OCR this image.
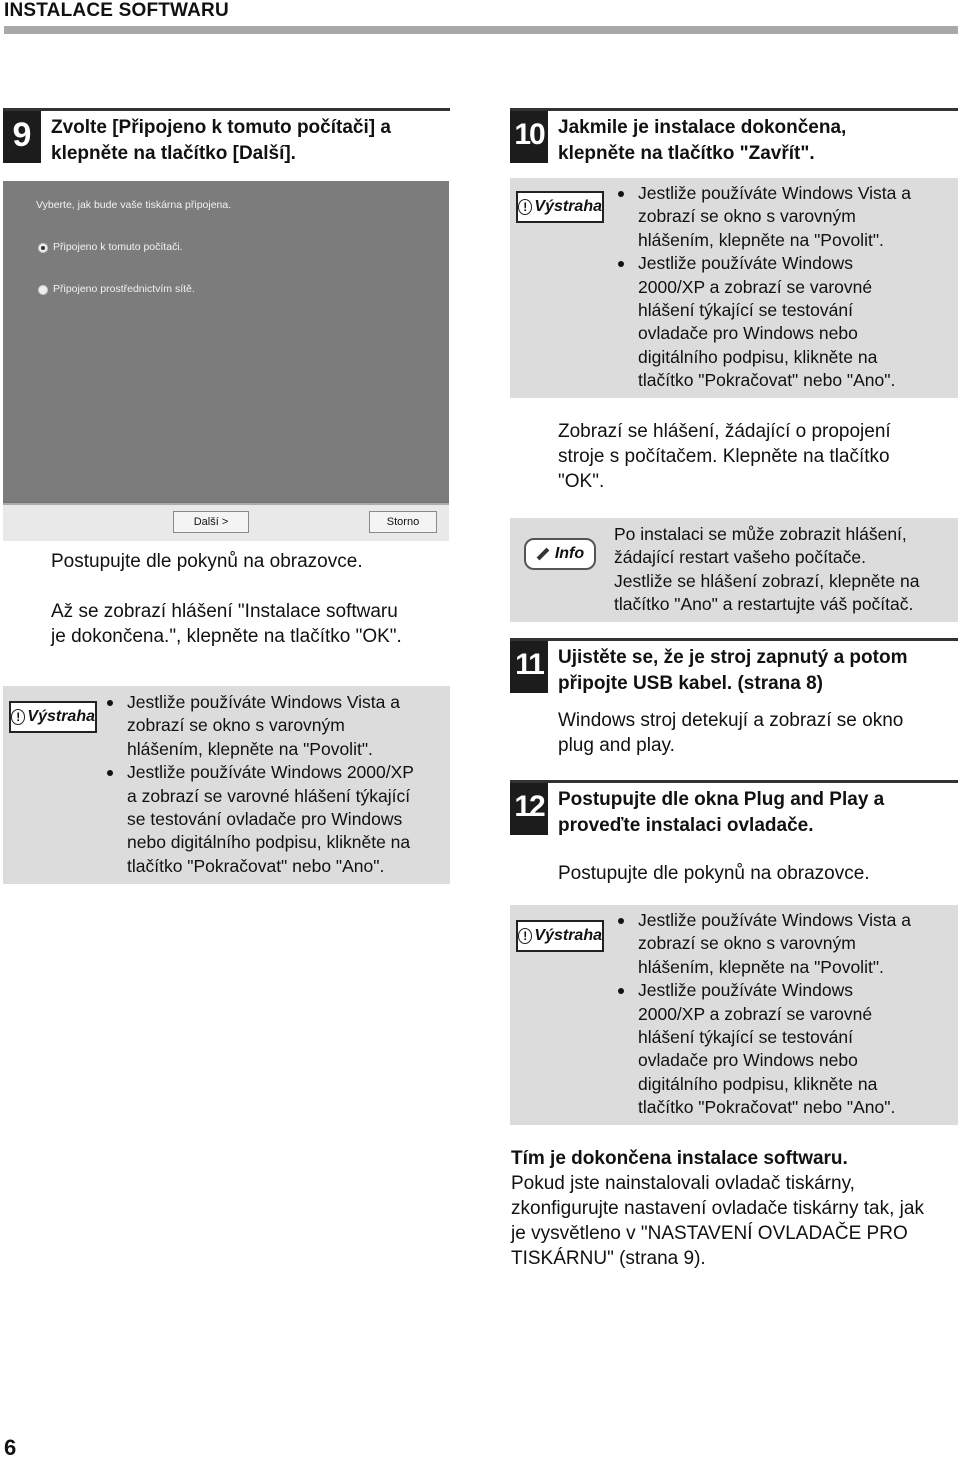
INSTALACE SOFTWARU
9	Zvolte [Připojeno k tomuto počítači] a
klepněte na tlačítko [Další].
Vyberte, jak bude vaše tiskárna připojena.
Připojeno k tomuto počítači.
Připojeno prostřednictvím sítě.
Další >	Storno
Postupujte dle pokynů na obrazovce.
Až se zobrazí hlášení "Instalace softwaru
je dokončena.", klepněte na tlačítko "OK".
! Výstraha
Jestliže používáte Windows Vista a
zobrazí se okno s varovným
hlášením, klepněte na "Povolit".
Jestliže používáte Windows 2000/XP
a zobrazí se varovné hlášení týkající
se testování ovladače pro Windows
nebo digitálního podpisu, klikněte na
tlačítko "Pokračovat" nebo "Ano".
10 Jakmile je instalace dokončena,
klepněte na tlačítko "Zavřít".
! Výstraha
Jestliže používáte Windows Vista a
zobrazí se okno s varovným
hlášením, klepněte na "Povolit".
Jestliže používáte Windows
2000/XP a zobrazí se varovné
hlášení týkající se testování
ovladače pro Windows nebo
digitálního podpisu, klikněte na
tlačítko "Pokračovat" nebo "Ano".
Zobrazí se hlášení, žádající o propojení
stroje s počítačem. Klepněte na tlačítko
"OK".
Info
Po instalaci se může zobrazit hlášení,
žádající restart vašeho počítače.
Jestliže se hlášení zobrazí, klepněte na
tlačítko "Ano" a restartujte váš počítač.
11 Ujistěte se, že je stroj zapnutý a potom
připojte USB kabel. (strana 8)
Windows stroj detekují a zobrazí se okno
plug and play.
12 Postupujte dle okna Plug and Play a
proveďte instalaci ovladače.
Postupujte dle pokynů na obrazovce.
! Výstraha
Jestliže používáte Windows Vista a
zobrazí se okno s varovným
hlášením, klepněte na "Povolit".
Jestliže používáte Windows
2000/XP a zobrazí se varovné
hlášení týkající se testování
ovladače pro Windows nebo
digitálního podpisu, klikněte na
tlačítko "Pokračovat" nebo "Ano".
Tím je dokončena instalace softwaru.
Pokud jste nainstalovali ovladač tiskárny,
zkonfigurujte nastavení ovladače tiskárny tak, jak
je vysvětleno v "NASTAVENÍ OVLADAČE PRO
TISKÁRNU" (strana 9).
6
